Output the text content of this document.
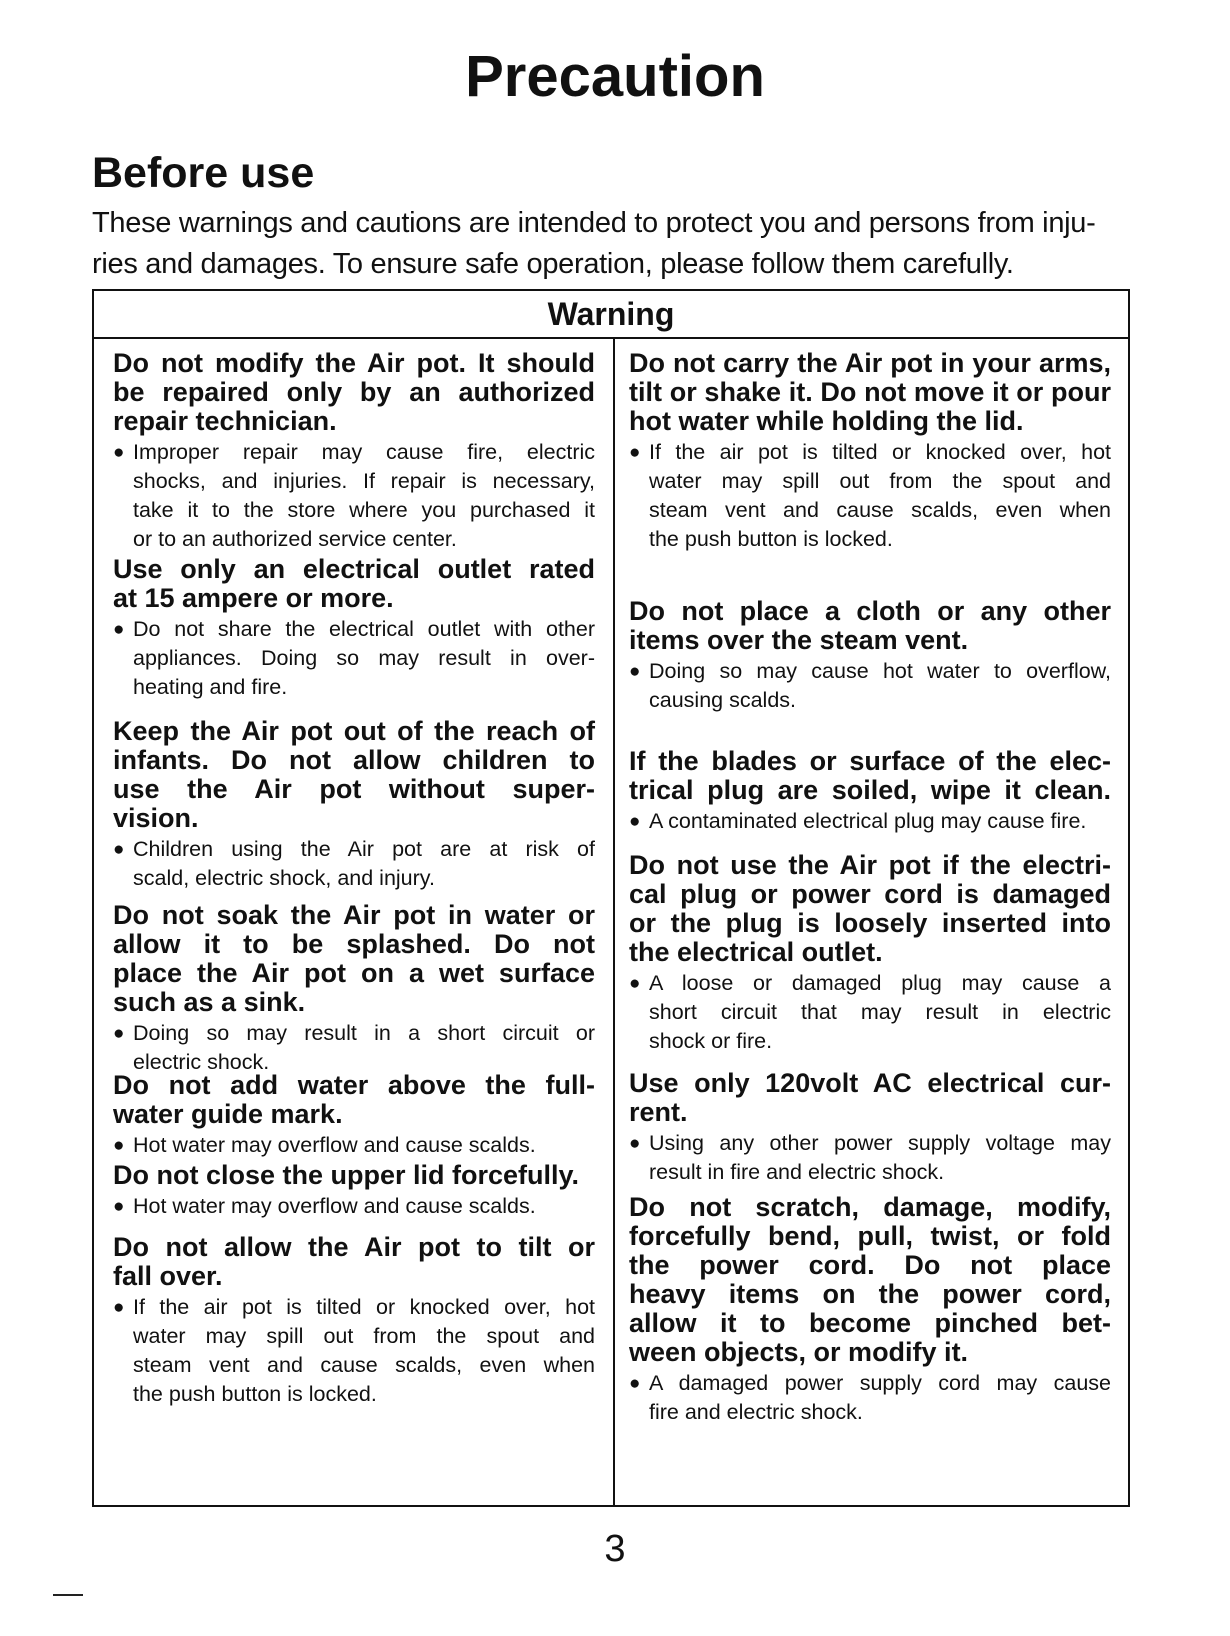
Precaution
Before use
These warnings and cautions are intended to protect you and persons from inju-
ries and damages. To ensure safe operation, please follow them carefully.
Warning
Do not modify the Air pot. It should
be repaired only by an authorized
repair technician.
● Improper repair may cause fire, electric
shocks, and injuries. If repair is necessary,
take it to the store where you purchased it
or to an authorized service center.
Use only an electrical outlet rated
at 15 ampere or more.
● Do not share the electrical outlet with other
appliances. Doing so may result in over-
heating and fire.
Keep the Air pot out of the reach of
infants. Do not allow children to
use the Air pot without super-
vision.
● Children using the Air pot are at risk of
scald, electric shock, and injury.
Do not soak the Air pot in water or
allow it to be splashed. Do not
place the Air pot on a wet surface
such as a sink.
● Doing so may result in a short circuit or
electric shock.
Do not add water above the full-
water guide mark.
● Hot water may overflow and cause scalds.
Do not close the upper lid forcefully.
● Hot water may overflow and cause scalds.
Do not allow the Air pot to tilt or
fall over.
● If the air pot is tilted or knocked over, hot
water may spill out from the spout and
steam vent and cause scalds, even when
the push button is locked.
Do not carry the Air pot in your arms,
tilt or shake it. Do not move it or pour
hot water while holding the lid.
● If the air pot is tilted or knocked over, hot
water may spill out from the spout and
steam vent and cause scalds, even when
the push button is locked.
Do not place a cloth or any other
items over the steam vent.
● Doing so may cause hot water to overflow,
causing scalds.
If the blades or surface of the elec-
trical plug are soiled, wipe it clean.
● A contaminated electrical plug may cause fire.
Do not use the Air pot if the electri-
cal plug or power cord is damaged
or the plug is loosely inserted into
the electrical outlet.
● A loose or damaged plug may cause a
short circuit that may result in electric
shock or fire.
Use only 120volt AC electrical cur-
rent.
● Using any other power supply voltage may
result in fire and electric shock.
Do not scratch, damage, modify,
forcefully bend, pull, twist, or fold
the power cord. Do not place
heavy items on the power cord,
allow it to become pinched bet-
ween objects, or modify it.
● A damaged power supply cord may cause
fire and electric shock.
3
